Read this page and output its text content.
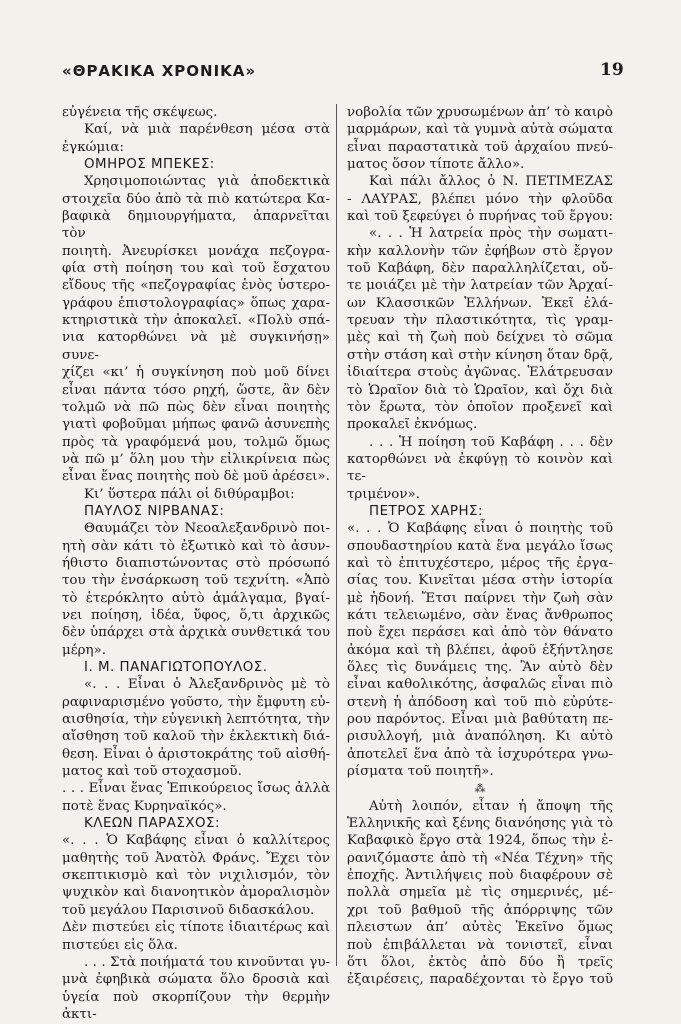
«ΘΡΑΚΙΚΑ ΧΡΟΝΙΚΑ»	19
εὐγένεια τῆς σκέψεως.
Καί, νὰ μιὰ παρένθεση μέσα στὰ
ἐγκώμια:
ΟΜΗΡΟΣ ΜΠΕΚΕΣ:
Χρησιμοποιώντας γιὰ ἀποδεκτικὰ
στοιχεῖα δύο ἀπὸ τὰ πιὸ κατώτερα Κα-
βαφικὰ δημιουργήματα, ἀπαρνεῖται τὸν
ποιητὴ. Ἀνευρίσκει μονάχα πεζογρα-
φία στὴ ποίηση του καὶ τοῦ ἔσχατου
εἴδους τῆς «πεζογραφίας ἑνὸς ὑστερο-
γράφου ἐπιστολογραφίας» ὅπως χαρα-
κτηριστικὰ τὴν ἀποκαλεῖ. «Πολὺ σπά-
νια κατορθώνει νὰ μὲ συγκινήσῃ» συνε-
χίζει «κι’ ἡ συγκίνηση ποὺ μοῦ δίνει
εἶναι πάντα τόσο ρηχή, ὥστε, ἂν δὲν
τολμῶ νὰ πῶ πὼς δὲν εἶναι ποιητὴς
γιατὶ φοβοῦμαι μήπως φανῶ ἀσυνεπὴς
πρὸς τὰ γραφόμενά μου, τολμῶ ὅμως
νὰ πῶ μ’ ὅλη μου τὴν εἰλικρίνεια πὼς
εἶναι ἕνας ποιητὴς ποὺ δὲ μοῦ ἀρέσει».
Κι’ ὕστερα πάλι οἱ διθύραμβοι:
ΠΑΥΛΟΣ ΝΙΡΒΑΝΑΣ:
Θαυμάζει τὸν Νεοαλεξανδρινὸ ποι-
ητὴ σὰν κάτι τὸ ἐξωτικὸ καὶ τὸ ἀσυν-
ήθιστο διαπιστώνοντας στὸ πρόσωπό
του τὴν ἐνσάρκωση τοῦ τεχνίτη. «Ἀπὸ
τὸ ἑτερόκλητο αὐτὸ ἀμάλγαμα, βγαί-
νει ποίηση, ἰδέα, ὕφος, ὅ,τι ἀρχικῶς
δὲν ὑπάρχει στὰ ἀρχικὰ συνθετικά του
μέρη».
Ι. Μ. ΠΑΝΑΓΙΩΤΟΠΟΥΛΟΣ.
«. . . Εἶναι ὁ Ἀλεξανδρινὸς μὲ τὸ
ραφιναρισμένο γοῦστο, τὴν ἔμφυτη εὐ-
αισθησία, τὴν εὐγενικὴ λεπτότητα, τὴν
αἴσθηση τοῦ καλοῦ τὴν ἐκλεκτικὴ διά-
θεση. Εἶναι ὁ ἀριστοκράτης τοῦ αἰσθή-
ματος καὶ τοῦ στοχασμοῦ.
. . . Εἶναι ἕνας Ἐπικούρειος ἴσως ἀλλὰ
ποτὲ ἕνας Κυρηναϊκός».
ΚΛΕΩΝ ΠΑΡΑΣΧΟΣ:
«. . . Ὁ Καβάφης εἶναι ὁ καλλίτερος
μαθητὴς τοῦ Ἀνατὸλ Φράνς. Ἔχει τὸν
σκεπτικισμὸ καὶ τὸν νιχιλισμόν, τὸν
ψυχικὸν καὶ διανοητικὸν ἀμοραλισμὸν
τοῦ μεγάλου Παρισινοῦ διδασκάλου.
Δὲν πιστεύει εἰς τίποτε ἰδιαιτέρως καὶ
πιστεύει εἰς ὅλα.
. . . Στὰ ποιήματά του κινοῦνται γυ-
μνὰ ἐφηβικὰ σώματα ὅλο δροσιὰ καὶ
ὑγεία ποὺ σκορπίζουν τὴν θερμὴν ἀκτι-
νοβολία τῶν χρυσωμένων ἀπ’ τὸ καιρὸ
μαρμάρων, καὶ τὰ γυμνὰ αὐτὰ σώματα
εἶναι παραστατικὰ τοῦ ἀρχαίου πνεύ-
ματος ὅσον τίποτε ἄλλο».
Καὶ πάλι ἄλλος ὁ Ν. ΠΕΤΙΜΕΖΑΣ
- ΛΑΥΡΑΣ, βλέπει μόνο τὴν φλοῦδα
καὶ τοῦ ξεφεύγει ὁ πυρήνας τοῦ ἔργου:
«. . . Ἡ λατρεία πρὸς τὴν σωματι-
κὴν καλλονὴν τῶν ἐφήβων στὸ ἔργον
τοῦ Καβάφη, δὲν παραλληλίζεται, οὔ-
τε μοιάζει μὲ τὴν λατρείαν τῶν Ἀρχαί-
ων Κλασσικῶν Ἑλλήνων. Ἐκεῖ ἐλά-
τρευαν τὴν πλαστικότητα, τὶς γραμ-
μὲς καὶ τὴ ζωὴ ποὺ δείχνει τὸ σῶμα
στὴν στάση καὶ στὴν κίνηση ὅταν δρᾷ,
ἰδιαίτερα στοὺς ἀγῶνας. Ἐλάτρευσαν
τὸ Ὡραῖον διὰ τὸ Ὡραῖον, καὶ ὄχι διὰ
τὸν ἔρωτα, τὸν ὁποῖον προξενεῖ καὶ
προκαλεῖ ἐκνόμως.
. . . Ἡ ποίηση τοῦ Καβάφη . . . δὲν
κατορθώνει νὰ ἐκφύγῃ τὸ κοινὸν καὶ τε-
τριμένον».
ΠΕΤΡΟΣ ΧΑΡΗΣ:
«. . . Ὁ Καβάφης εἶναι ὁ ποιητὴς τοῦ
σπουδαστηρίου κατὰ ἕνα μεγάλο ἴσως
καὶ τὸ ἐπιτυχέστερο, μέρος τῆς ἐργα-
σίας του. Κινεῖται μέσα στὴν ἱστορία
μὲ ἡδονή. Ἔτσι παίρνει τὴν ζωὴ σὰν
κάτι τελειωμένο, σὰν ἕνας ἄνθρωπος
ποὺ ἔχει περάσει καὶ ἀπὸ τὸν θάνατο
ἀκόμα καὶ τὴ βλέπει, ἀφοῦ ἐξήντλησε
ὅλες τὶς δυνάμεις της. Ἂν αὐτὸ δὲν
εἶναι καθολικότης, ἀσφαλῶς εἶναι πιὸ
στενὴ ἡ ἀπόδοση καὶ τοῦ πιὸ εὐρύτε-
ρου παρόντος. Εἶναι μιὰ βαθύτατη πε-
ρισυλλογή, μιὰ ἀναπόληση. Κι αὐτὸ
ἀποτελεῖ ἕνα ἀπὸ τὰ ἰσχυρότερα γνω-
ρίσματα τοῦ ποιητῆ».
⁂
Αὐτὴ λοιπόν, εἶταν ἡ ἄποψη τῆς
Ἑλληνικῆς καὶ ξένης διανόησης γιὰ τὸ
Καβαφικὸ ἔργο στὰ 1924, ὅπως τὴν ἐ-
ρανιζόμαστε ἀπὸ τὴ «Νέα Τέχνη» τῆς
ἐποχῆς. Ἀντιλήψεις ποὺ διαφέρουν σὲ
πολλὰ σημεῖα μὲ τὶς σημερινές, μέ-
χρι τοῦ βαθμοῦ τῆς ἀπόρριψης τῶν
πλειστων ἀπ’ αὐτὲς Ἐκεῖνο ὅμως
ποὺ ἐπιβάλλεται νὰ τονιστεῖ, εἶναι
ὅτι ὅλοι, ἐκτὸς ἀπὸ δύο ἢ τρεῖς
ἐξαιρέσεις, παραδέχονται τὸ ἔργο τοῦ
